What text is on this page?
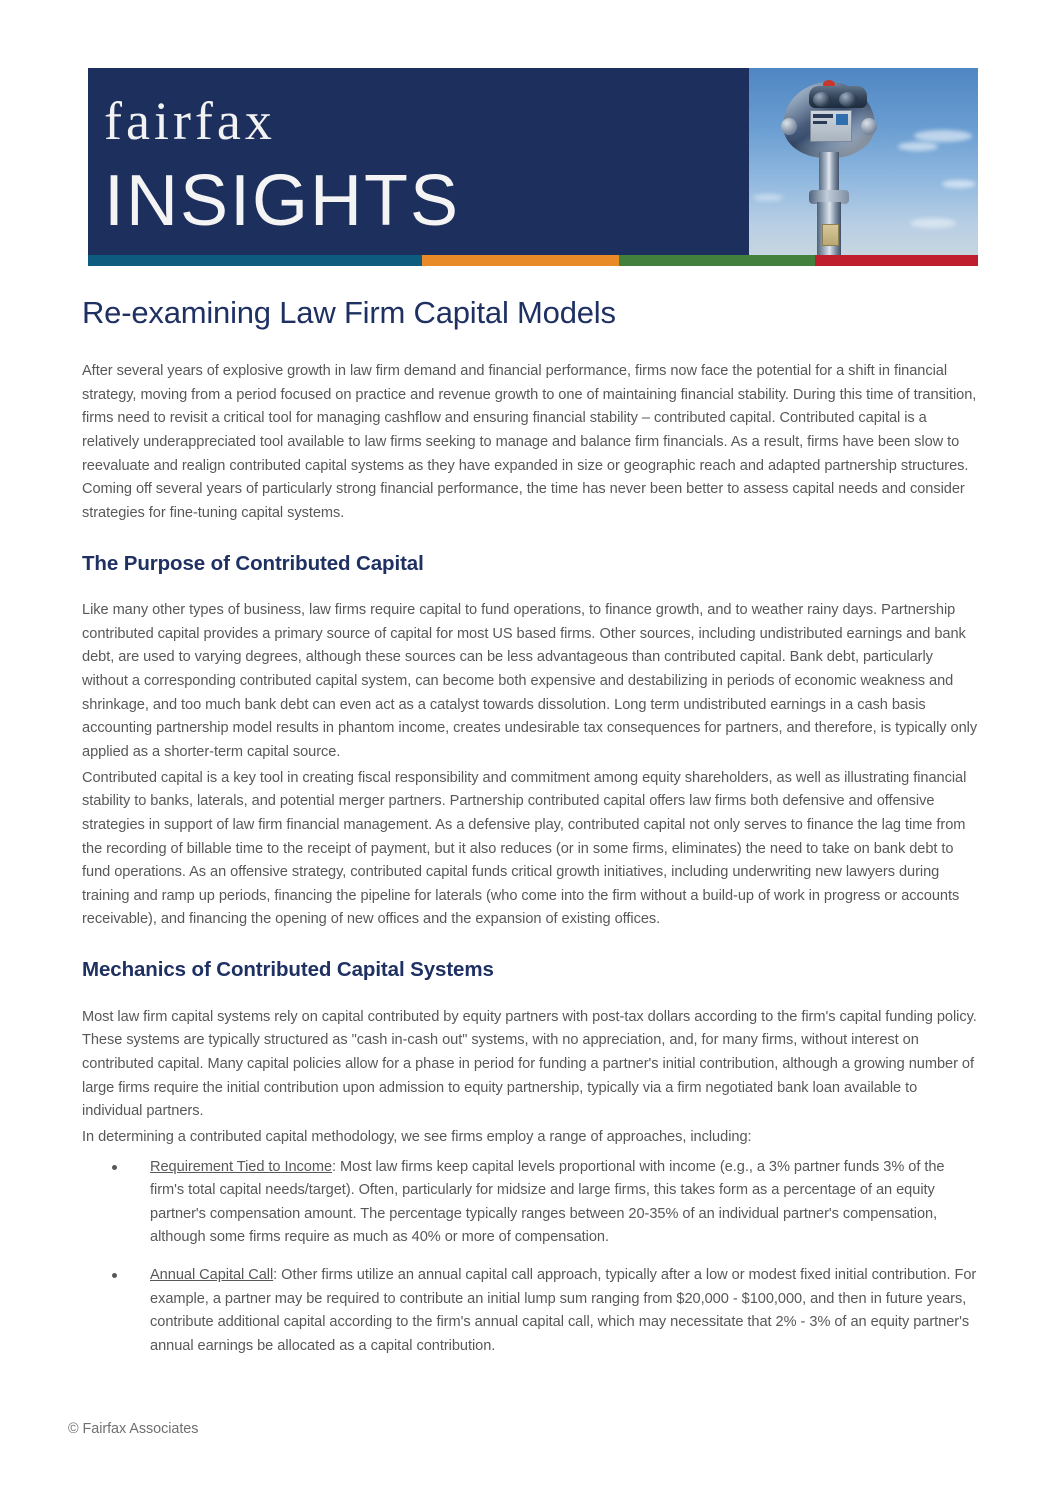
fairfax
INSIGHTS
Re-examining Law Firm Capital Models

After several years of explosive growth in law firm demand and financial performance, firms now face the potential for a shift in financial strategy, moving from a period focused on practice and revenue growth to one of maintaining financial stability. During this time of transition, firms need to revisit a critical tool for managing cashflow and ensuring financial stability – contributed capital. Contributed capital is a relatively underappreciated tool available to law firms seeking to manage and balance firm financials. As a result, firms have been slow to reevaluate and realign contributed capital systems as they have expanded in size or geographic reach and adapted partnership structures. Coming off several years of particularly strong financial performance, the time has never been better to assess capital needs and consider strategies for fine-tuning capital systems.

The Purpose of Contributed Capital

Like many other types of business, law firms require capital to fund operations, to finance growth, and to weather rainy days. Partnership contributed capital provides a primary source of capital for most US based firms. Other sources, including undistributed earnings and bank debt, are used to varying degrees, although these sources can be less advantageous than contributed capital. Bank debt, particularly without a corresponding contributed capital system, can become both expensive and destabilizing in periods of economic weakness and shrinkage, and too much bank debt can even act as a catalyst towards dissolution. Long term undistributed earnings in a cash basis accounting partnership model results in phantom income, creates undesirable tax consequences for partners, and therefore, is typically only applied as a shorter-term capital source.

Contributed capital is a key tool in creating fiscal responsibility and commitment among equity shareholders, as well as illustrating financial stability to banks, laterals, and potential merger partners. Partnership contributed capital offers law firms both defensive and offensive strategies in support of law firm financial management. As a defensive play, contributed capital not only serves to finance the lag time from the recording of billable time to the receipt of payment, but it also reduces (or in some firms, eliminates) the need to take on bank debt to fund operations. As an offensive strategy, contributed capital funds critical growth initiatives, including underwriting new lawyers during training and ramp up periods, financing the pipeline for laterals (who come into the firm without a build-up of work in progress or accounts receivable), and financing the opening of new offices and the expansion of existing offices.

Mechanics of Contributed Capital Systems

Most law firm capital systems rely on capital contributed by equity partners with post-tax dollars according to the firm's capital funding policy. These systems are typically structured as "cash in-cash out" systems, with no appreciation, and, for many firms, without interest on contributed capital. Many capital policies allow for a phase in period for funding a partner's initial contribution, although a growing number of large firms require the initial contribution upon admission to equity partnership, typically via a firm negotiated bank loan available to individual partners.

In determining a contributed capital methodology, we see firms employ a range of approaches, including:

Requirement Tied to Income: Most law firms keep capital levels proportional with income (e.g., a 3% partner funds 3% of the firm's total capital needs/target). Often, particularly for midsize and large firms, this takes form as a percentage of an equity partner's compensation amount. The percentage typically ranges between 20-35% of an individual partner's compensation, although some firms require as much as 40% or more of compensation.
Annual Capital Call: Other firms utilize an annual capital call approach, typically after a low or modest fixed initial contribution. For example, a partner may be required to contribute an initial lump sum ranging from $20,000 - $100,000, and then in future years, contribute additional capital according to the firm's annual capital call, which may necessitate that 2% - 3% of an equity partner's annual earnings be allocated as a capital contribution.
© Fairfax Associates
